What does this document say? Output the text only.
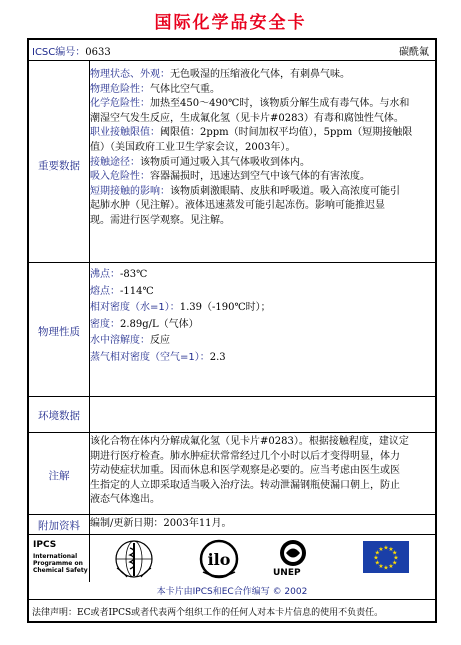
国际化学品安全卡
ICSC编号：0633	碳酰氟
重要数据
物理状态、外观：无色吸湿的压缩液化气体，有刺鼻气味。
物理危险性：气体比空气重。
化学危险性：加热至450～490℃时，该物质分解生成有毒气体。与水和
潮湿空气发生反应，生成氟化氢（见卡片#0283）有毒和腐蚀性气体。
职业接触限值：阈限值：2ppm（时间加权平均值），5ppm（短期接触限
值）（美国政府工业卫生学家会议，2003年）。
接触途径：该物质可通过吸入其气体吸收到体内。
吸入危险性：容器漏损时，迅速达到空气中该气体的有害浓度。
短期接触的影响：该物质刺激眼睛、皮肤和呼吸道。吸入高浓度可能引
起肺水肿（见注解）。液体迅速蒸发可能引起冻伤。影响可能推迟显
现。需进行医学观察。见注解。
物理性质
沸点：-83℃
熔点：-114℃
相对密度（水=1）：1.39（-190℃时）；
密度：2.89g/L（气体）
水中溶解度：反应
蒸气相对密度（空气=1）：2.3
环境数据
注解
该化合物在体内分解成氟化氢（见卡片#0283）。根据接触程度，建议定
期进行医疗检查。肺水肿症状常常经过几个小时以后才变得明显，体力
劳动使症状加重。因而休息和医学观察是必要的。应当考虑由医生或医
生指定的人立即采取适当吸入治疗法。转动泄漏钢瓶使漏口朝上，防止
液态气体逸出。
附加资料	编制/更新日期：2003年11月。
IPCS
International
Programme on
Chemical Safety
ilo
UNEP
★
★
★
★
★
★
★
★
★ ★ ★
★
本卡片由IPCS和EC合作编写 © 2002
法律声明：EC或者IPCS或者代表两个组织工作的任何人对本卡片信息的使用不负责任。
